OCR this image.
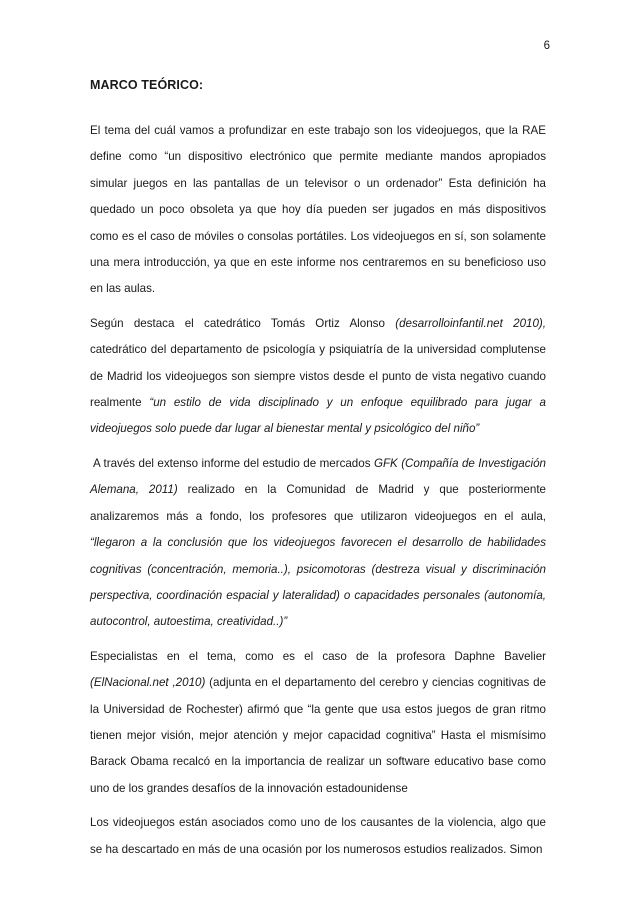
6
MARCO TEÓRICO:

El tema del cuál vamos a profundizar en este trabajo son los videojuegos, que la RAE define como “un dispositivo electrónico que permite mediante mandos apropiados simular juegos en las pantallas de un televisor o un ordenador” Esta definición ha quedado un poco obsoleta ya que hoy día pueden ser jugados en más dispositivos como es el caso de móviles o consolas portátiles. Los videojuegos en sí, son solamente una mera introducción, ya que en este informe nos centraremos en su beneficioso uso en las aulas.

Según destaca el catedrático Tomás Ortiz Alonso (desarrolloinfantil.net 2010), catedrático del departamento de psicología y psiquiatría de la universidad complutense de Madrid los videojuegos son siempre vistos desde el punto de vista negativo cuando realmente “un estilo de vida disciplinado y un enfoque equilibrado para jugar a videojuegos solo puede dar lugar al bienestar mental y psicológico del niño”

A través del extenso informe del estudio de mercados GFK (Compañía de Investigación Alemana, 2011) realizado en la Comunidad de Madrid y que posteriormente analizaremos más a fondo, los profesores que utilizaron videojuegos en el aula, “llegaron a la conclusión que los videojuegos favorecen el desarrollo de habilidades cognitivas (concentración, memoria..), psicomotoras (destreza visual y discriminación perspectiva, coordinación espacial y lateralidad) o capacidades personales (autonomía, autocontrol, autoestima, creatividad..)”

Especialistas en el tema, como es el caso de la profesora Daphne Bavelier (ElNacional.net ,2010) (adjunta en el departamento del cerebro y ciencias cognitivas de la Universidad de Rochester) afirmó que “la gente que usa estos juegos de gran ritmo tienen mejor visión, mejor atención y mejor capacidad cognitiva” Hasta el mismísimo Barack Obama recalcó en la importancia de realizar un software educativo base como uno de los grandes desafíos de la innovación estadounidense

Los videojuegos están asociados como uno de los causantes de la violencia, algo que se ha descartado en más de una ocasión por los numerosos estudios realizados. Simon
